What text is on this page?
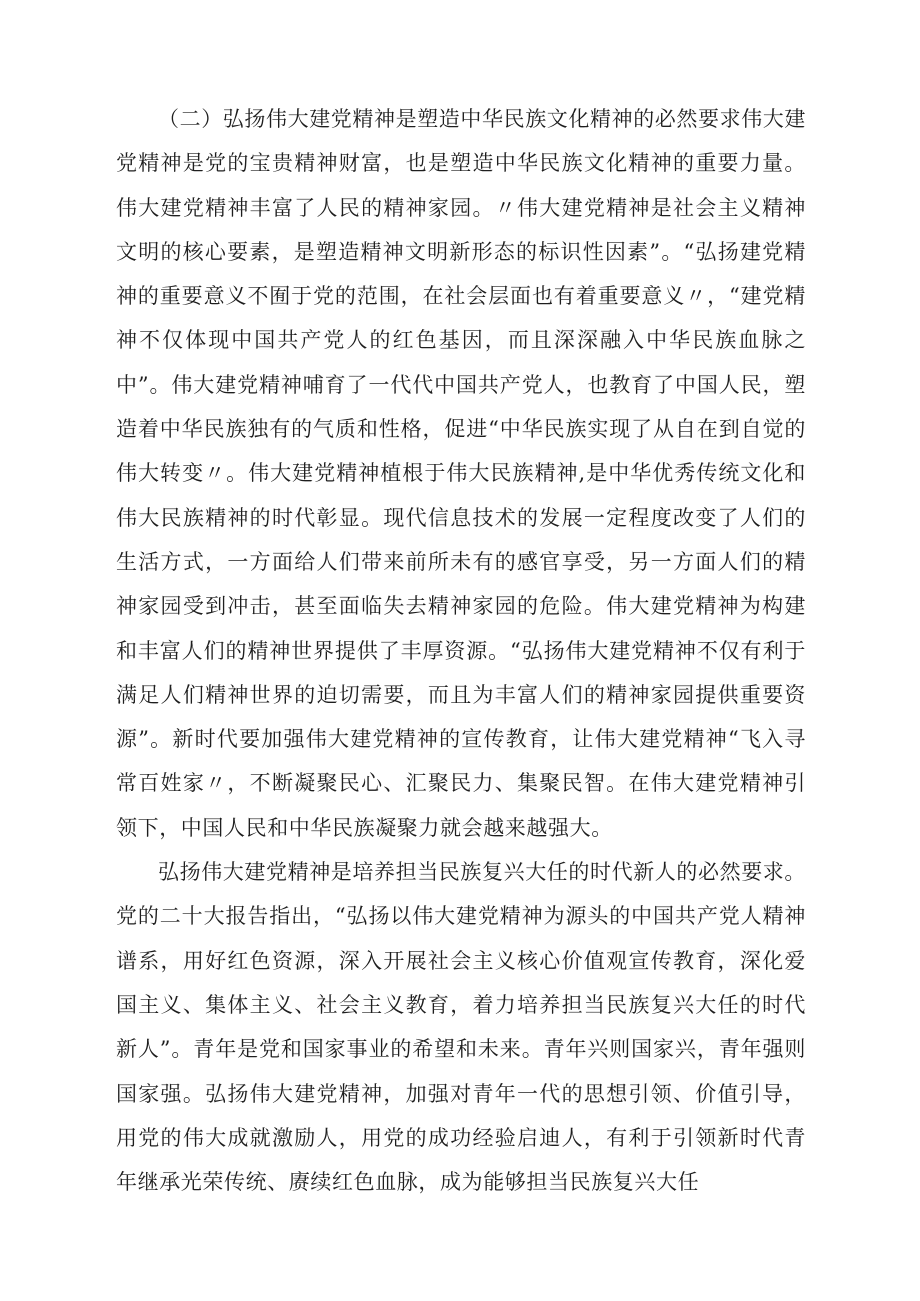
（二）弘扬伟大建党精神是塑造中华民族文化精神的必然要求伟大建党精神是党的宝贵精神财富，也是塑造中华民族文化精神的重要力量。伟大建党精神丰富了人民的精神家园。〃伟大建党精神是社会主义精神文明的核心要素，是塑造精神文明新形态的标识性因素”。“弘扬建党精神的重要意义不囿于党的范围，在社会层面也有着重要意义〃，“建党精神不仅体现中国共产党人的红色基因，而且深深融入中华民族血脉之中”。伟大建党精神哺育了一代代中国共产党人，也教育了中国人民，塑造着中华民族独有的气质和性格，促进“中华民族实现了从自在到自觉的伟大转变〃。伟大建党精神植根于伟大民族精神,是中华优秀传统文化和伟大民族精神的时代彰显。现代信息技术的发展一定程度改变了人们的生活方式，一方面给人们带来前所未有的感官享受，另一方面人们的精神家园受到冲击，甚至面临失去精神家园的危险。伟大建党精神为构建和丰富人们的精神世界提供了丰厚资源。“弘扬伟大建党精神不仅有利于满足人们精神世界的迫切需要，而且为丰富人们的精神家园提供重要资源”。新时代要加强伟大建党精神的宣传教育，让伟大建党精神“飞入寻常百姓家〃，不断凝聚民心、汇聚民力、集聚民智。在伟大建党精神引领下，中国人民和中华民族凝聚力就会越来越强大。

弘扬伟大建党精神是培养担当民族复兴大任的时代新人的必然要求。党的二十大报告指出，“弘扬以伟大建党精神为源头的中国共产党人精神谱系，用好红色资源，深入开展社会主义核心价值观宣传教育，深化爱国主义、集体主义、社会主义教育，着力培养担当民族复兴大任的时代新人”。青年是党和国家事业的希望和未来。青年兴则国家兴，青年强则国家强。弘扬伟大建党精神，加强对青年一代的思想引领、价值引导，用党的伟大成就激励人，用党的成功经验启迪人，有利于引领新时代青年继承光荣传统、赓续红色血脉，成为能够担当民族复兴大任
